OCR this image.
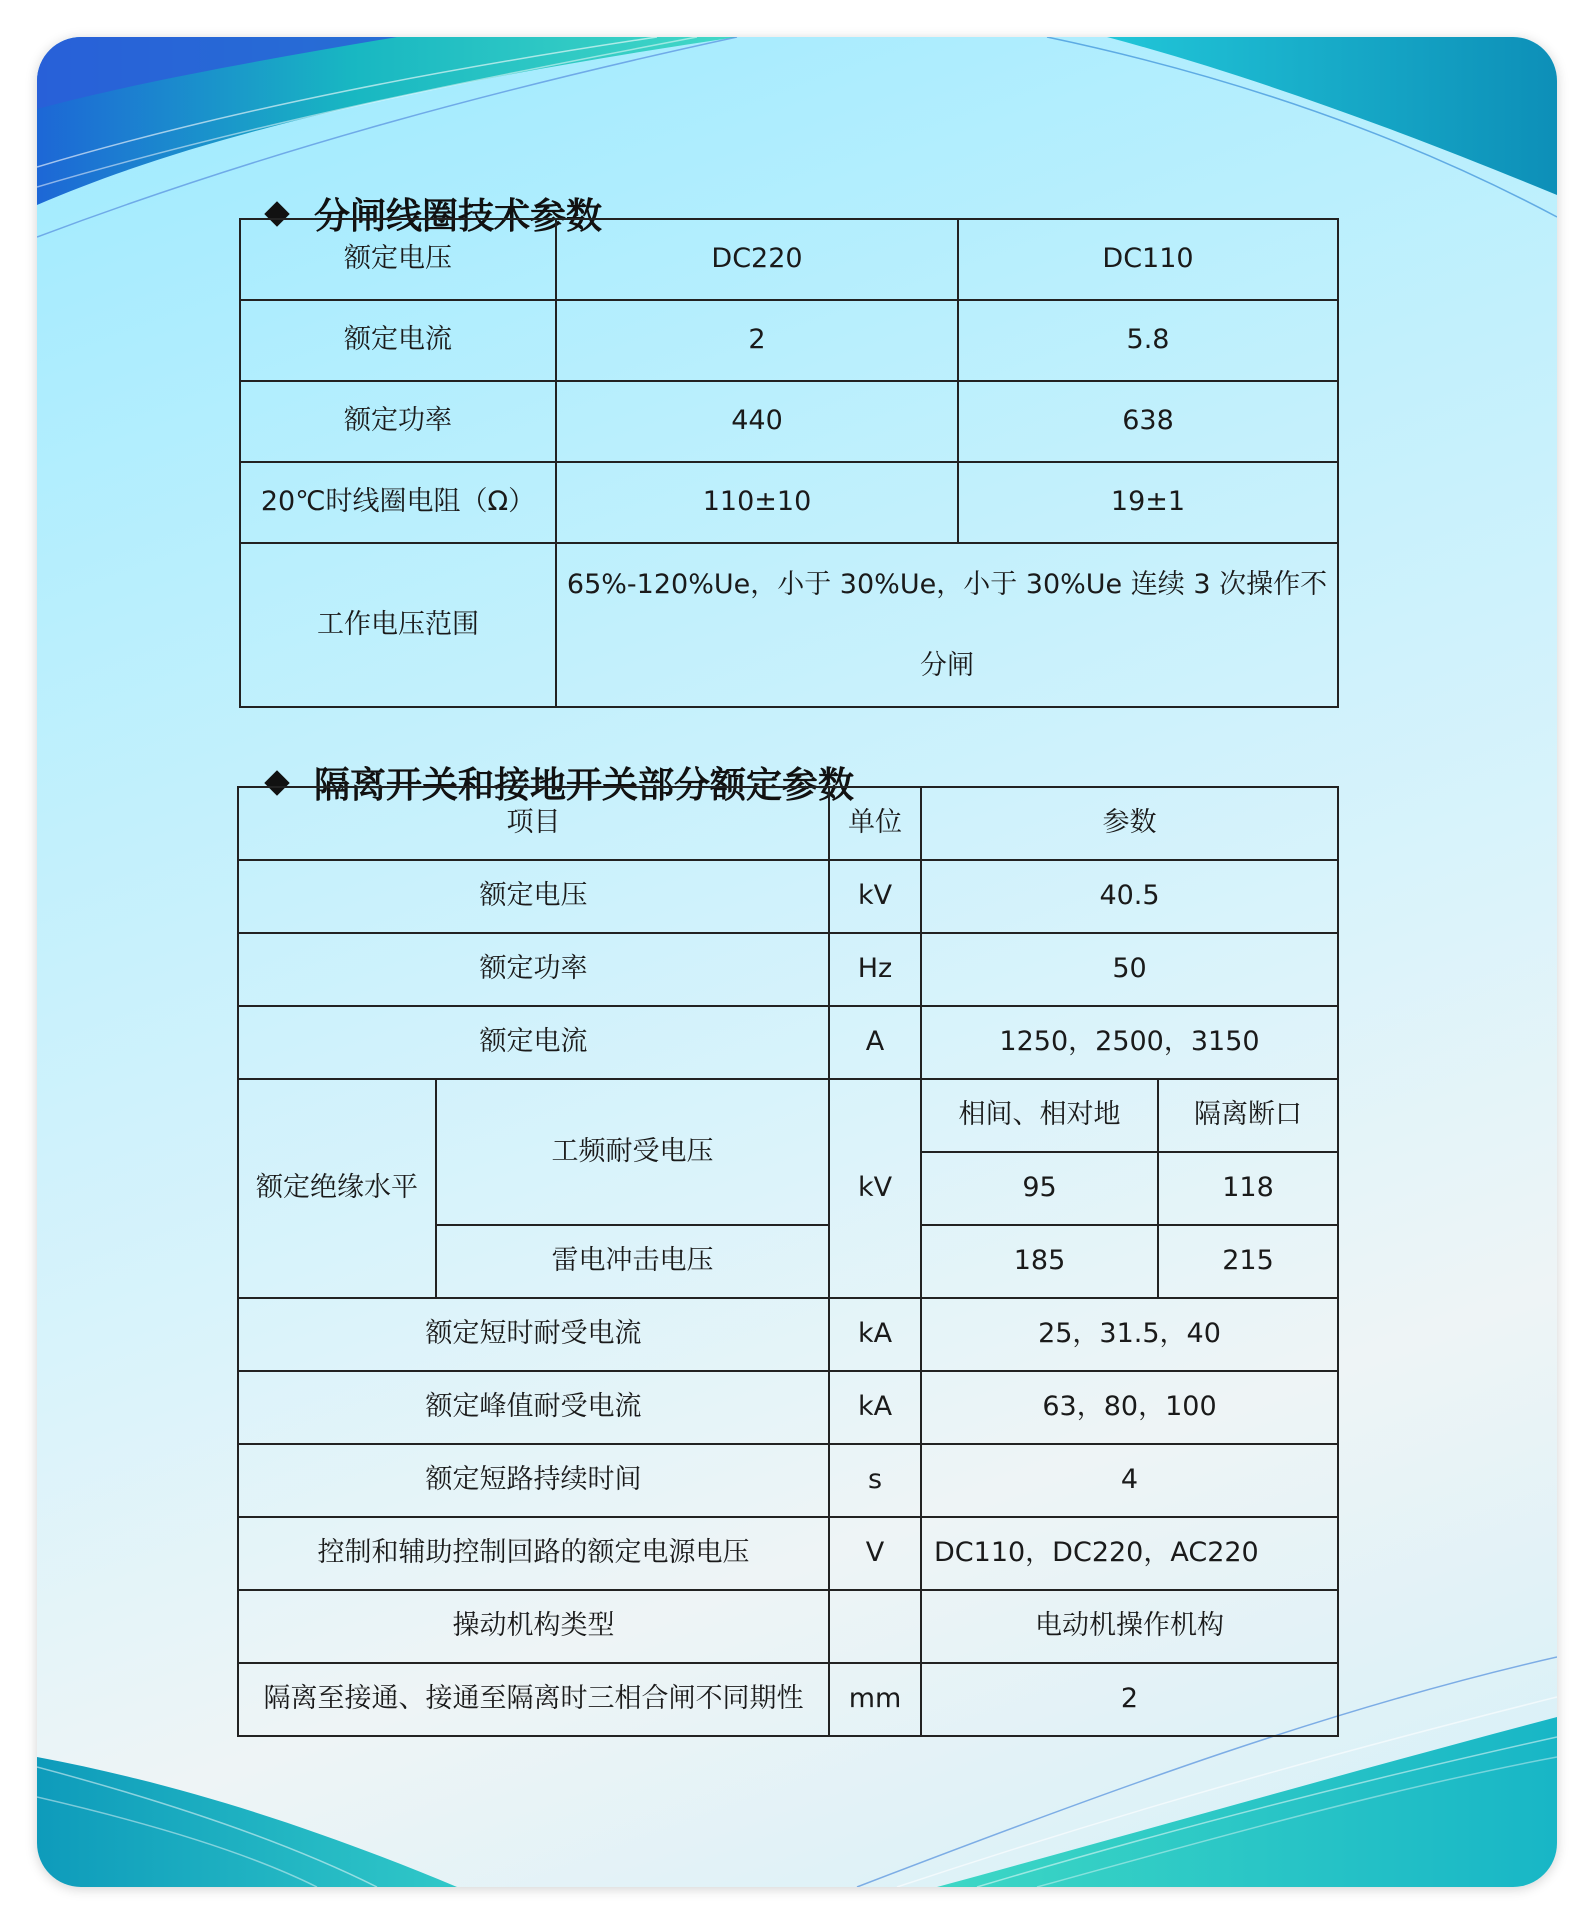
分闸线圈技术参数
额定电压	DC220	DC110
额定电流	2	5.8
额定功率	440	638
20℃时线圈电阻（Ω）	110±10	19±1
工作电压范围	65%-120%Ue，小于 30%Ue，小于 30%Ue 连续 3 次操作不分闸	
隔离开关和接地开关部分额定参数
项目		单位	参数	
额定电压		kV	40.5	
额定功率		Hz	50	
额定电流		A	1250，2500，3150	
额定绝缘水平	工频耐受电压	kV	相间、相对地	隔离断口
			95	118
	雷电冲击电压		185	215
额定短时耐受电流		kA	25，31.5，40	
额定峰值耐受电流		kA	63，80，100	
额定短路持续时间		s	4	
控制和辅助控制回路的额定电源电压		V	DC110，DC220，AC220	
操动机构类型			电动机操作机构	
隔离至接通、接通至隔离时三相合闸不同期性		mm	2	
